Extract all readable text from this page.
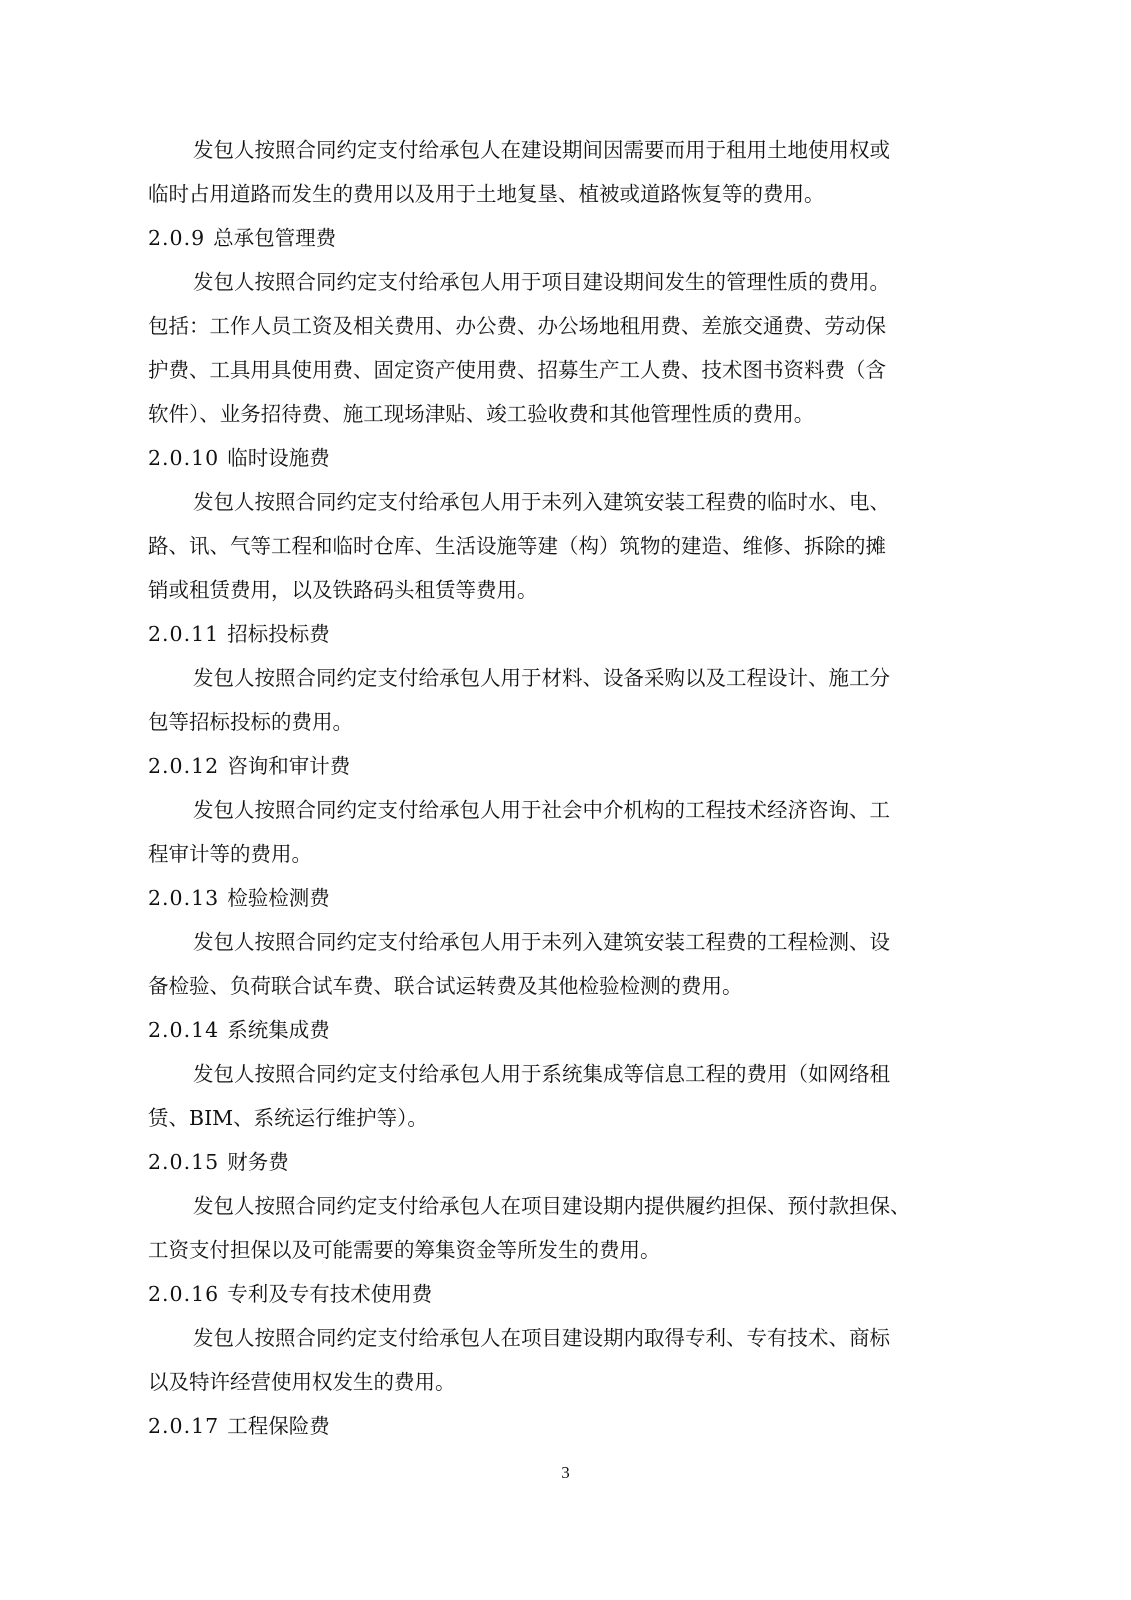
发包人按照合同约定支付给承包人在建设期间因需要而用于租用土地使用权或
临时占用道路而发生的费用以及用于土地复垦、植被或道路恢复等的费用。
2.0.9 总承包管理费
发包人按照合同约定支付给承包人用于项目建设期间发生的管理性质的费用。
包括：工作人员工资及相关费用、办公费、办公场地租用费、差旅交通费、劳动保
护费、工具用具使用费、固定资产使用费、招募生产工人费、技术图书资料费（含
软件）、业务招待费、施工现场津贴、竣工验收费和其他管理性质的费用。
2.0.10 临时设施费
发包人按照合同约定支付给承包人用于未列入建筑安装工程费的临时水、电、
路、讯、气等工程和临时仓库、生活设施等建（构）筑物的建造、维修、拆除的摊
销或租赁费用，以及铁路码头租赁等费用。
2.0.11 招标投标费
发包人按照合同约定支付给承包人用于材料、设备采购以及工程设计、施工分
包等招标投标的费用。
2.0.12 咨询和审计费
发包人按照合同约定支付给承包人用于社会中介机构的工程技术经济咨询、工
程审计等的费用。
2.0.13 检验检测费
发包人按照合同约定支付给承包人用于未列入建筑安装工程费的工程检测、设
备检验、负荷联合试车费、联合试运转费及其他检验检测的费用。
2.0.14 系统集成费
发包人按照合同约定支付给承包人用于系统集成等信息工程的费用（如网络租
赁、BIM、系统运行维护等）。
2.0.15 财务费
发包人按照合同约定支付给承包人在项目建设期内提供履约担保、预付款担保、
工资支付担保以及可能需要的筹集资金等所发生的费用。
2.0.16 专利及专有技术使用费
发包人按照合同约定支付给承包人在项目建设期内取得专利、专有技术、商标
以及特许经营使用权发生的费用。
2.0.17 工程保险费
3
